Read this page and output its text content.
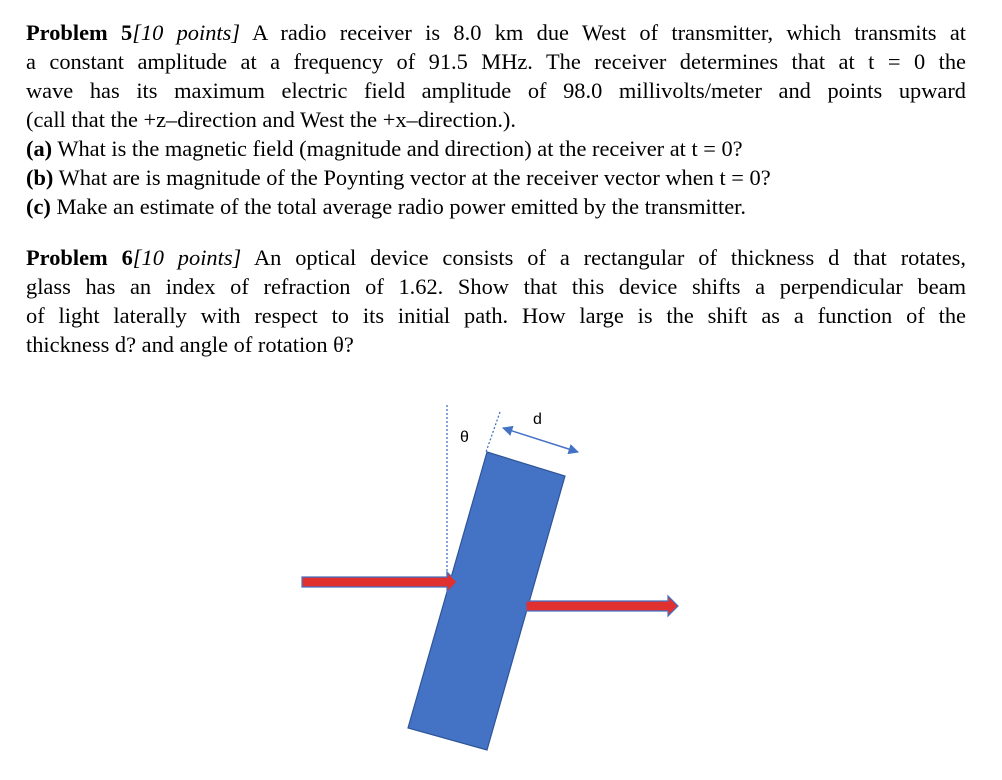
Problem 5[10 points] A radio receiver is 8.0 km due West of transmitter, which transmits at
a constant amplitude at a frequency of 91.5 MHz. The receiver determines that at t = 0 the
wave has its maximum electric field amplitude of 98.0 millivolts/meter and points upward
(call that the +z–direction and West the +x–direction.).
(a) What is the magnetic field (magnitude and direction) at the receiver at t = 0?
(b) What are is magnitude of the Poynting vector at the receiver vector when t = 0?
(c) Make an estimate of the total average radio power emitted by the transmitter.
Problem 6[10 points] An optical device consists of a rectangular of thickness d that rotates,
glass has an index of refraction of 1.62. Show that this device shifts a perpendicular beam
of light laterally with respect to its initial path. How large is the shift as a function of the
thickness d? and angle of rotation θ?
θ
d
